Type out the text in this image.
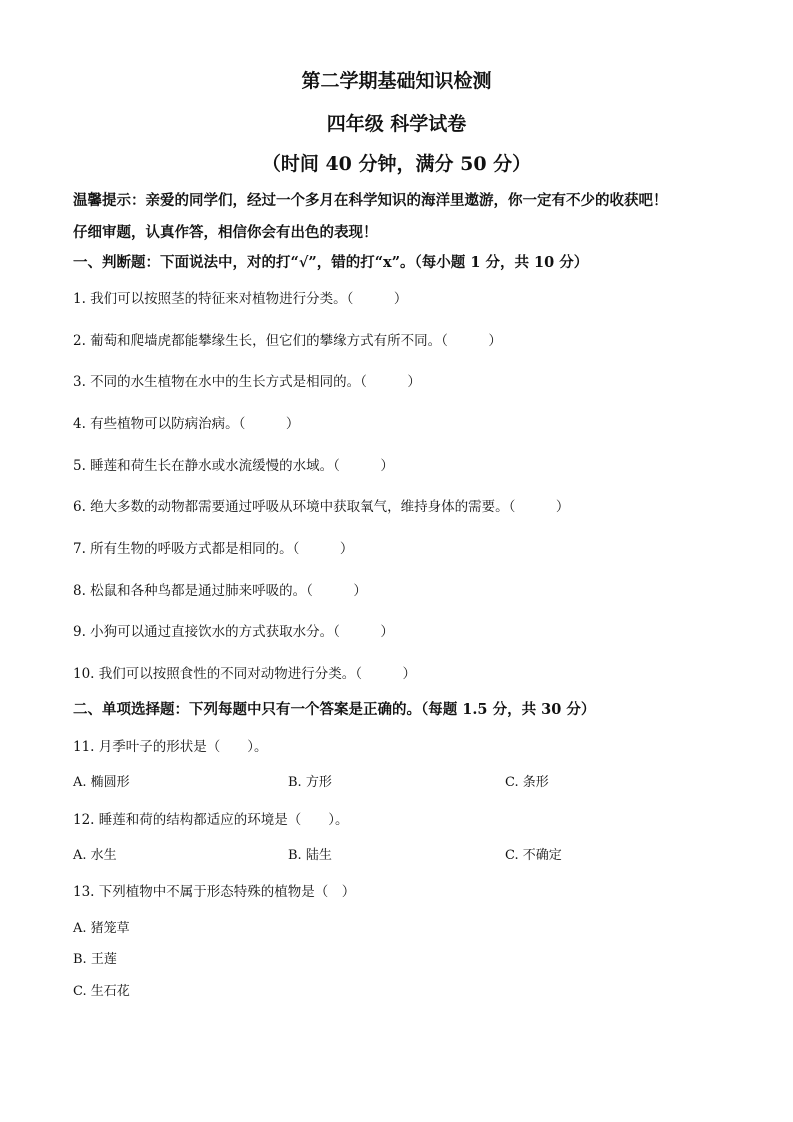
第二学期基础知识检测
四年级 科学试卷
（时间 40 分钟，满分 50 分）
温馨提示：亲爱的同学们，经过一个多月在科学知识的海洋里遨游，你一定有不少的收获吧！
仔细审题，认真作答，相信你会有出色的表现！
一、判断题：下面说法中，对的打“√”，错的打“x”。（每小题 1 分，共 10 分）
1. 我们可以按照茎的特征来对植物进行分类。（　　　）
2. 葡萄和爬墙虎都能攀缘生长，但它们的攀缘方式有所不同。（　　　）
3. 不同的水生植物在水中的生长方式是相同的。（　　　）
4. 有些植物可以防病治病。（　　　）
5. 睡莲和荷生长在静水或水流缓慢的水域。（　　　）
6. 绝大多数的动物都需要通过呼吸从环境中获取氧气，维持身体的需要。（　　　）
7. 所有生物的呼吸方式都是相同的。（　　　）
8. 松鼠和各种鸟都是通过肺来呼吸的。（　　　）
9. 小狗可以通过直接饮水的方式获取水分。（　　　）
10. 我们可以按照食性的不同对动物进行分类。（　　　）
二、单项选择题：下列每题中只有一个答案是正确的。（每题 1.5 分，共 30 分）
11. 月季叶子的形状是（　　）。
A. 椭圆形	B. 方形	C. 条形
12. 睡莲和荷的结构都适应的环境是（　　）。
A. 水生	B. 陆生	C. 不确定
13. 下列植物中不属于形态特殊的植物是（　）
A. 猪笼草
B. 王莲
C. 生石花
